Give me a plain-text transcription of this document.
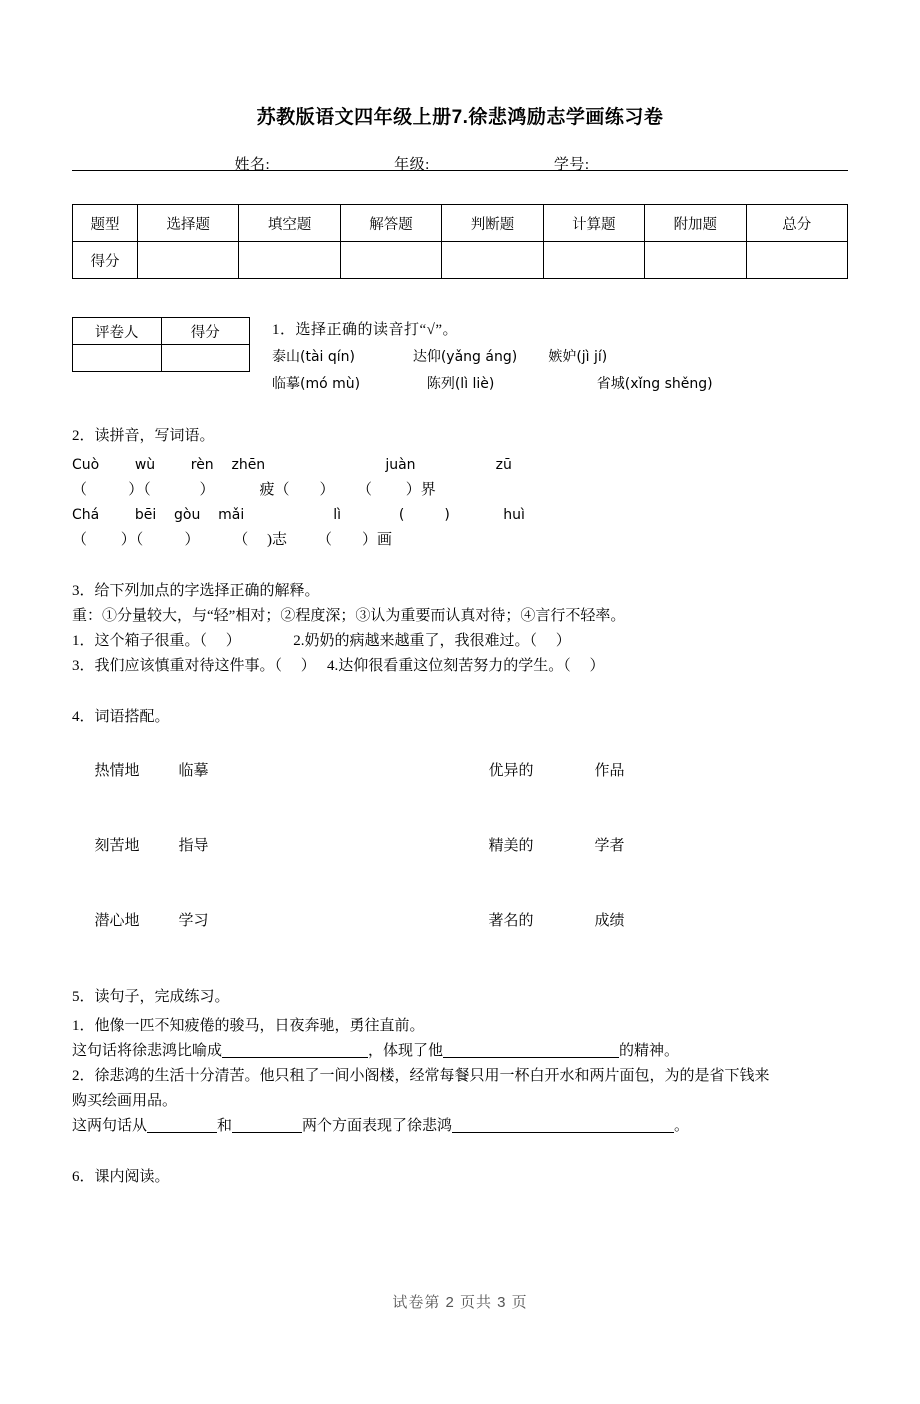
苏教版语文四年级上册7.徐悲鸿励志学画练习卷
姓名:	年级:	学号:
题型	选择题	填空题	解答题	判断题	计算题	附加题	总分
得分							
评卷人	得分
		1．选择正确的读音打“√”。
泰山(tài qín)             达仰(yǎng áng)       嫉妒(jì jí)
临摹(mó mù)               陈列(lì liè)                       省城(xǐng shěng)
2．读拼音，写词语。
Cuò        wù        rèn    zhēn                           juàn                  zū
（           ）（             ）            疲（        ）      （         ）界
Chá        bēi    gòu    mǎi                    lì             (         )            huì
（         ）（           ）         （     )志        （        ）画
3．给下列加点的字选择正确的解释。
重：①分量较大，与“轻”相对；②程度深；③认为重要而认真对待；④言行不轻率。
1．这个箱子很重。（     ）              2.奶奶的病越来越重了，我很难过。（     ）
3．我们应该慎重对待这件事。（     ）   4.达仰很看重这位刻苦努力的学生。（     ）
4．词语搭配。

热情地	临摹	优异的	作品

刻苦地	指导	精美的	学者

潜心地	学习	著名的	成绩

5．读句子，完成练习。
1．他像一匹不知疲倦的骏马，日夜奔驰，勇往直前。
这句话将徐悲鸿比喻成	，体现了他	的精神。
2．徐悲鸿的生活十分清苦。他只租了一间小阁楼，经常每餐只用一杯白开水和两片面包，为的是省下钱来
购买绘画用品。
这两句话从	和	两个方面表现了徐悲鸿	。
6．课内阅读。
试卷第 2 页共 3 页
